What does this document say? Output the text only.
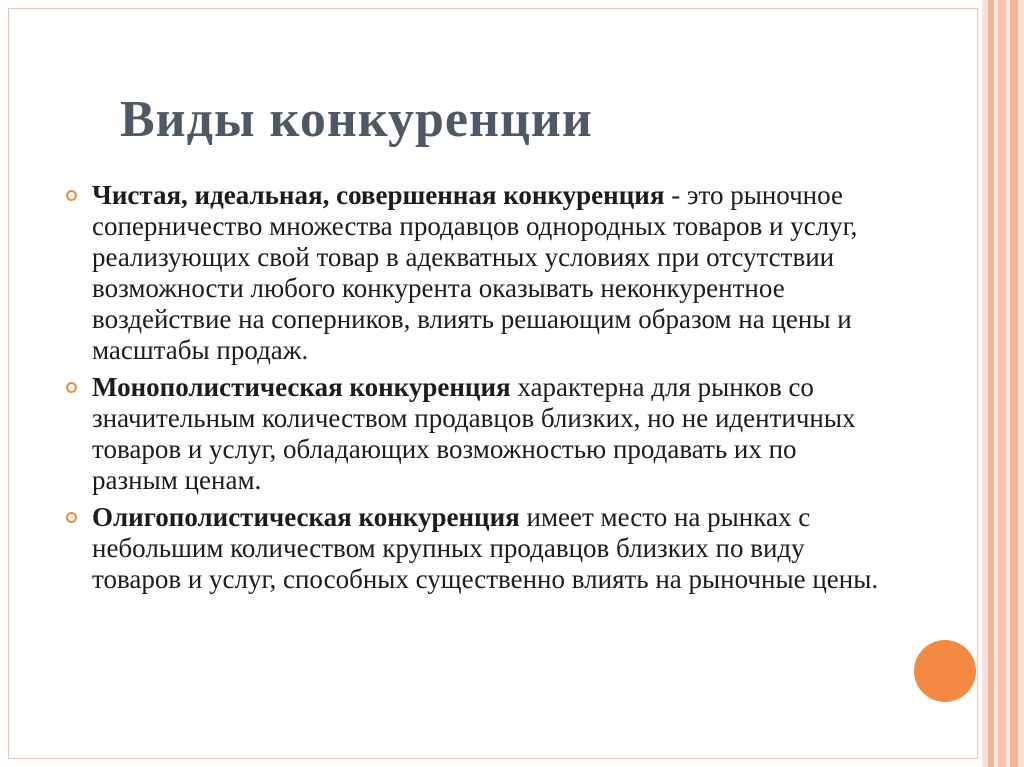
Виды конкуренции
Чистая, идеальная, совершенная конкуренция - это рыночное соперничество множества продавцов однородных товаров и услуг, реализующих свой товар в адекватных условиях при отсутствии возможности любого конкурента оказывать неконкурентное воздействие на соперников, влиять решающим образом на цены и масштабы продаж.
Монополистическая конкуренция характерна для рынков со значительным количеством продавцов близких, но не идентичных товаров и услуг, обладающих возможностью продавать их по разным ценам.
Олигополистическая конкуренция имеет место на рынках с небольшим количеством крупных продавцов близких по виду товаров и услуг, способных существенно влиять на рыночные цены.
